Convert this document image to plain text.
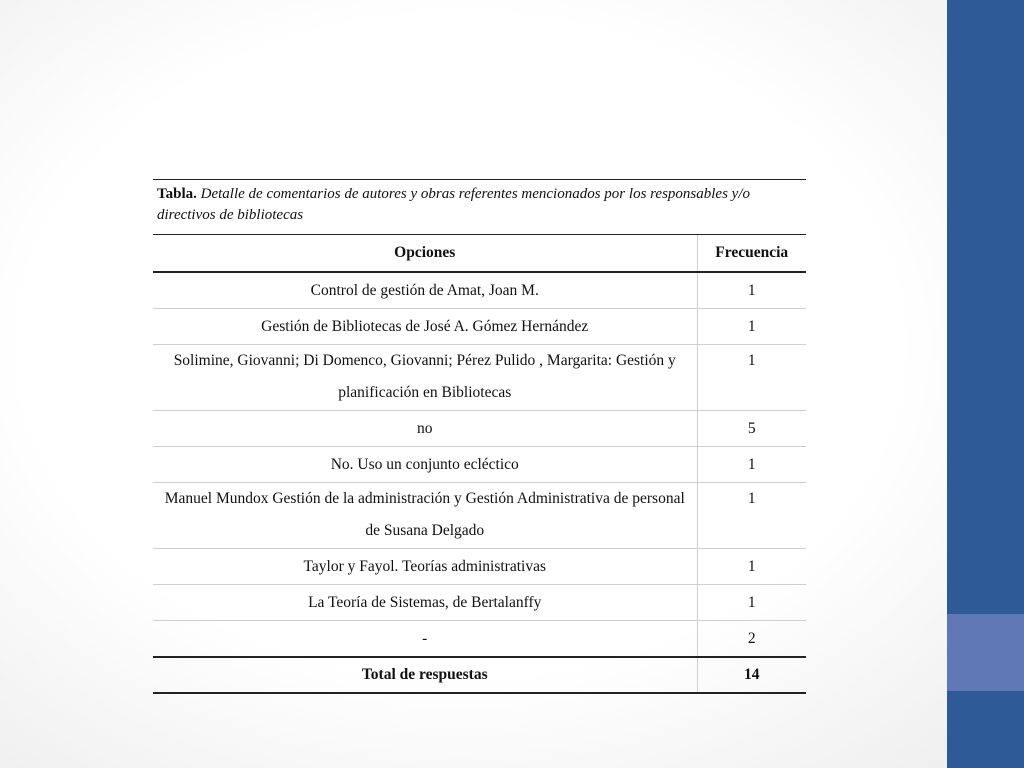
Tabla. Detalle de comentarios de autores y obras referentes mencionados por los responsables y/o directivos de bibliotecas
Opciones	Frecuencia
Control de gestión de Amat, Joan M.	1
Gestión de Bibliotecas de José A. Gómez Hernández	1
Solimine, Giovanni; Di Domenco, Giovanni; Pérez Pulido , Margarita: Gestión y planificación en Bibliotecas	1
no	5
No. Uso un conjunto ecléctico	1
Manuel Mundox Gestión de la administración y Gestión Administrativa de personal de Susana Delgado	1
Taylor y Fayol. Teorías administrativas	1
La Teoría de Sistemas, de Bertalanffy	1
-	2
Total de respuestas	14
